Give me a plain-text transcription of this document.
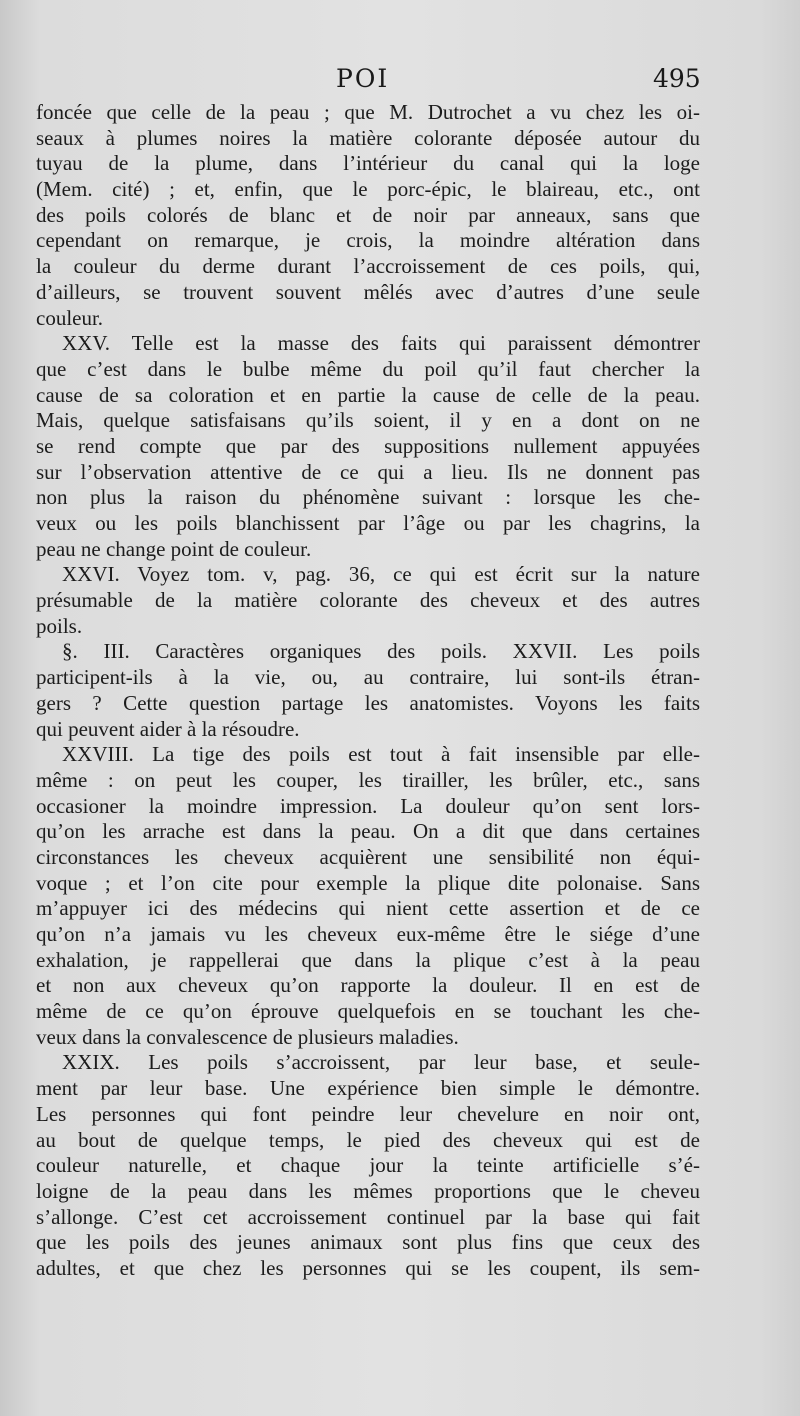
POI	495
foncée que celle de la peau ; que M. Dutrochet a vu chez les oi-
seaux à plumes noires la matière colorante déposée autour du
tuyau de la plume, dans l’intérieur du canal qui la loge
(Mem. cité) ; et, enfin, que le porc-épic, le blaireau, etc., ont
des poils colorés de blanc et de noir par anneaux, sans que
cependant on remarque, je crois, la moindre altération dans
la couleur du derme durant l’accroissement de ces poils, qui,
d’ailleurs, se trouvent souvent mêlés avec d’autres d’une seule
couleur.
XXV. Telle est la masse des faits qui paraissent démontrer
que c’est dans le bulbe même du poil qu’il faut chercher la
cause de sa coloration et en partie la cause de celle de la peau.
Mais, quelque satisfaisans qu’ils soient, il y en a dont on ne
se rend compte que par des suppositions nullement appuyées
sur l’observation attentive de ce qui a lieu. Ils ne donnent pas
non plus la raison du phénomène suivant : lorsque les che-
veux ou les poils blanchissent par l’âge ou par les chagrins, la
peau ne change point de couleur.
XXVI. Voyez tom. v, pag. 36, ce qui est écrit sur la nature
présumable de la matière colorante des cheveux et des autres
poils.
§. III. Caractères organiques des poils. XXVII. Les poils
participent-ils à la vie, ou, au contraire, lui sont-ils étran-
gers ? Cette question partage les anatomistes. Voyons les faits
qui peuvent aider à la résoudre.
XXVIII. La tige des poils est tout à fait insensible par elle-
même : on peut les couper, les tirailler, les brûler, etc., sans
occasioner la moindre impression. La douleur qu’on sent lors-
qu’on les arrache est dans la peau. On a dit que dans certaines
circonstances les cheveux acquièrent une sensibilité non équi-
voque ; et l’on cite pour exemple la plique dite polonaise. Sans
m’appuyer ici des médecins qui nient cette assertion et de ce
qu’on n’a jamais vu les cheveux eux-même être le siége d’une
exhalation, je rappellerai que dans la plique c’est à la peau
et non aux cheveux qu’on rapporte la douleur. Il en est de
même de ce qu’on éprouve quelquefois en se touchant les che-
veux dans la convalescence de plusieurs maladies.
XXIX. Les poils s’accroissent, par leur base, et seule-
ment par leur base. Une expérience bien simple le démontre.
Les personnes qui font peindre leur chevelure en noir ont,
au bout de quelque temps, le pied des cheveux qui est de
couleur naturelle, et chaque jour la teinte artificielle s’é-
loigne de la peau dans les mêmes proportions que le cheveu
s’allonge. C’est cet accroissement continuel par la base qui fait
que les poils des jeunes animaux sont plus fins que ceux des
adultes, et que chez les personnes qui se les coupent, ils sem-
